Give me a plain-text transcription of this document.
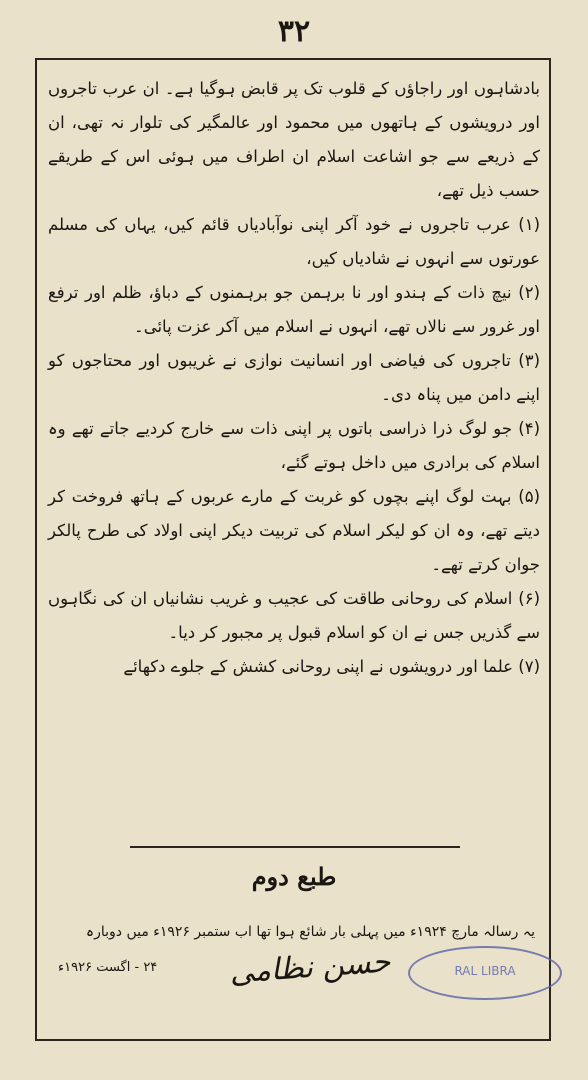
٣٢

بادشاہوں اور راجاؤں کے قلوب تک پر قابض ہوگیا ہے۔ ان عرب تاجروں اور درویشوں کے ہاتھوں میں محمود اور عالمگیر کی تلوار نہ تھی، ان کے ذریعے سے جو اشاعت اسلام ان اطراف میں ہوئی اس کے طریقے حسب ذیل تھے،

(۱) عرب تاجروں نے خود آکر اپنی نوآبادیاں قائم کیں، یہاں کی مسلم عورتوں سے انہوں نے شادیاں کیں،

(۲) نیچ ذات کے ہندو اور نا برہمن جو برہمنوں کے دباؤ، ظلم اور ترفع اور غرور سے نالاں تھے، انہوں نے اسلام میں آکر عزت پائی۔

(۳) تاجروں کی فیاضی اور انسانیت نوازی نے غریبوں اور محتاجوں کو اپنے دامن میں پناہ دی۔

(۴) جو لوگ ذرا ذراسی باتوں پر اپنی ذات سے خارج کردیے جاتے تھے وہ اسلام کی برادری میں داخل ہوتے گئے،

(۵) بہت لوگ اپنے بچوں کو غربت کے مارے عربوں کے ہاتھ فروخت کر دیتے تھے، وہ ان کو لیکر اسلام کی تربیت دیکر اپنی اولاد کی طرح پالکر جوان کرتے تھے۔

(۶) اسلام کی روحانی طاقت کی عجیب و غریب نشانیاں ان کی نگاہوں سے گذریں جس نے ان کو اسلام قبول پر مجبور کر دیا۔

(۷) علما اور درویشوں نے اپنی روحانی کشش کے جلوے دکھائے

طبع دوم
یہ رسالہ مارچ ۱۹۲۴ء میں پہلی بار شائع ہوا تھا اب ستمبر ۱۹۲۶ء میں دوبارہ
۲۴ - اگست ۱۹۲۶ء	حسن نظامی	RAL LIBRA
